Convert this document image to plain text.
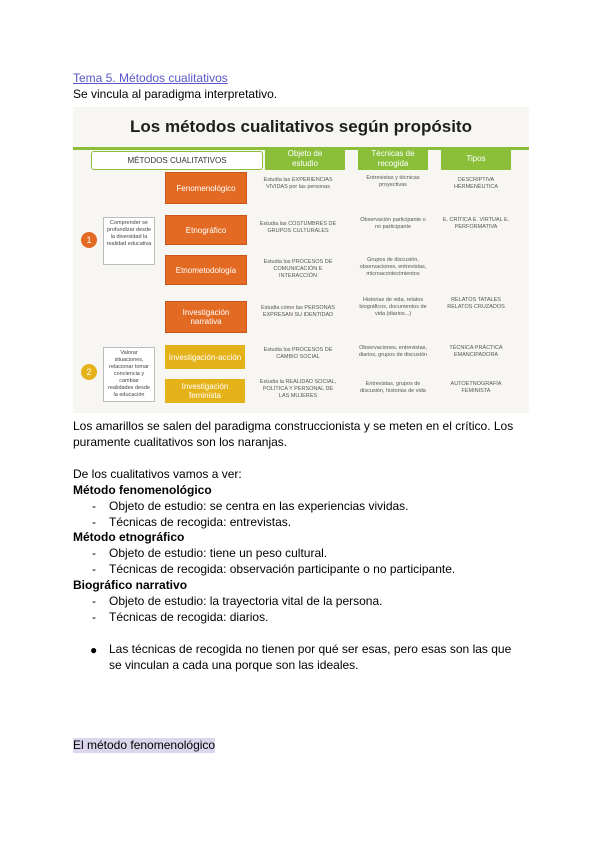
Tema 5. Métodos cualitativos
Se vincula al paradigma interpretativo.
Los métodos cualitativos según propósito
MÉTODOS CUALITATIVOS
Objeto de estudio
Técnicas de recogida
Tipos
1
Comprender se profundizar desde la diversidad la realidad educativa
2
Valorar situaciones, relacionar tomar conciencia y cambiar realidades desde la educación
Fenomenológico
Estudia las EXPERIENCIAS VIVIDAS por las personas
Entrevistas y técnicas proyectivas
DESCRIPTIVA HERMENÉUTICA
Etnográfico
Estudia las COSTUMBRES DE GRUPOS CULTURALES
Observación participante o no participante
E. CRÍTICA E. VIRTUAL E. PERFORMATIVA
Etnometodología
Estudia los PROCESOS DE COMUNICACIÓN E INTERACCIÓN
Grupos de discusión, observaciones, entrevistas, microacontecimientos
Investigación narrativa
Estudia cómo las PERSONAS EXPRESAN SU IDENTIDAD
Historias de vida, relatos biográficos, documentos de vida (diarios...)
RELATOS TATALES RELATOS CRUZADOS
Investigación-acción
Estudia los PROCESOS DE CAMBIO SOCIAL
Observaciones, entrevistas, diarios, grupos de discusión
TÉCNICA PRÁCTICA EMANCIPADORA
Investigación feminista
Estudia la REALIDAD SOCIAL, POLÍTICA Y PERSONAL DE LAS MUJERES
Entrevistas, grupos de discusión, historias de vida
AUTOETNOGRAFÍA FEMINISTA
Los amarillos se salen del paradigma construccionista y se meten en el crítico. Los
puramente cualitativos son los naranjas.
De los cualitativos vamos a ver:
Método fenomenológico
- Objeto de estudio: se centra en las experiencias vividas.
- Técnicas de recogida: entrevistas.
Método etnográfico
- Objeto de estudio: tiene un peso cultural.
- Técnicas de recogida: observación participante o no participante.
Biográfico narrativo
- Objeto de estudio: la trayectoria vital de la persona.
- Técnicas de recogida: diarios.
● Las técnicas de recogida no tienen por qué ser esas, pero esas son las que
se vinculan a cada una porque son las ideales.
El método fenomenológico
